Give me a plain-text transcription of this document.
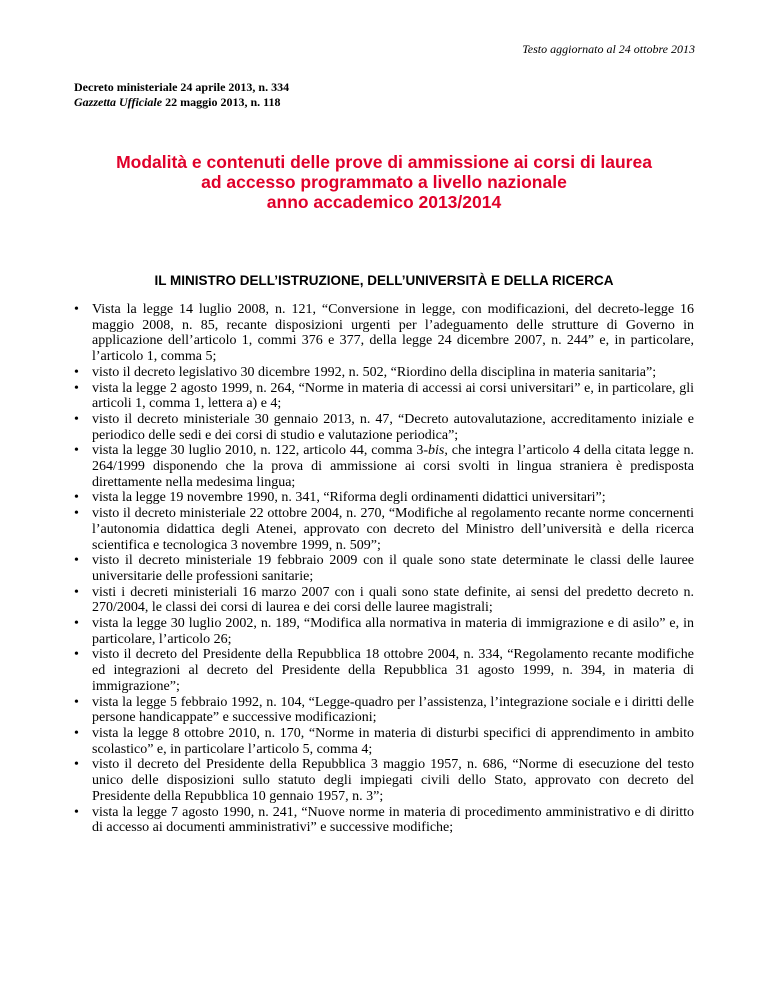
Testo aggiornato al 24 ottobre 2013

Decreto ministeriale 24 aprile 2013, n. 334
Gazzetta Ufficiale 22 maggio 2013, n. 118
Modalità e contenuti delle prove di ammissione ai corsi di laurea
ad accesso programmato a livello nazionale
anno accademico 2013/2014
IL MINISTRO DELL’ISTRUZIONE, DELL’UNIVERSITÀ E DELLA RICERCA
• Vista la legge 14 luglio 2008, n. 121, “Conversione in legge, con modificazioni, del decreto-legge 16 maggio 2008, n. 85, recante disposizioni urgenti per l’adeguamento delle strutture di Governo in applicazione dell’articolo 1, commi 376 e 377, della legge 24 dicembre 2007, n. 244” e, in particolare, l’articolo 1, comma 5;
• visto il decreto legislativo 30 dicembre 1992, n. 502, “Riordino della disciplina in materia sanitaria”;
• vista la legge 2 agosto 1999, n. 264, “Norme in materia di accessi ai corsi universitari” e, in particolare, gli articoli 1, comma 1, lettera a) e 4;
• visto il decreto ministeriale 30 gennaio 2013, n. 47, “Decreto autovalutazione, accreditamento iniziale e periodico delle sedi e dei corsi di studio e valutazione periodica”;
• vista la legge 30 luglio 2010, n. 122, articolo 44, comma 3-bis, che integra l’articolo 4 della citata legge n. 264/1999 disponendo che la prova di ammissione ai corsi svolti in lingua straniera è predisposta direttamente nella medesima lingua;
• vista la legge 19 novembre 1990, n. 341, “Riforma degli ordinamenti didattici universitari”;
• visto il decreto ministeriale 22 ottobre 2004, n. 270, “Modifiche al regolamento recante norme concernenti l’autonomia didattica degli Atenei, approvato con decreto del Ministro dell’università e della ricerca scientifica e tecnologica 3 novembre 1999, n. 509”;
• visto il decreto ministeriale 19 febbraio 2009 con il quale sono state determinate le classi delle lauree universitarie delle professioni sanitarie;
• visti i decreti ministeriali 16 marzo 2007 con i quali sono state definite, ai sensi del predetto decreto n. 270/2004, le classi dei corsi di laurea e dei corsi delle lauree magistrali;
• vista la legge 30 luglio 2002, n. 189, “Modifica alla normativa in materia di immigrazione e di asilo” e, in particolare, l’articolo 26;
• visto il decreto del Presidente della Repubblica 18 ottobre 2004, n. 334, “Regolamento recante modifiche ed integrazioni al decreto del Presidente della Repubblica 31 agosto 1999, n. 394, in materia di immigrazione”;
• vista la legge 5 febbraio 1992, n. 104, “Legge-quadro per l’assistenza, l’integrazione sociale e i diritti delle persone handicappate” e successive modificazioni;
• vista la legge 8 ottobre 2010, n. 170, “Norme in materia di disturbi specifici di apprendimento in ambito scolastico” e, in particolare l’articolo 5, comma 4;
• visto il decreto del Presidente della Repubblica 3 maggio 1957, n. 686, “Norme di esecuzione del testo unico delle disposizioni sullo statuto degli impiegati civili dello Stato, approvato con decreto del Presidente della Repubblica 10 gennaio 1957, n. 3”;
• vista la legge 7 agosto 1990, n. 241, “Nuove norme in materia di procedimento amministrativo e di diritto di accesso ai documenti amministrativi” e successive modifiche;
